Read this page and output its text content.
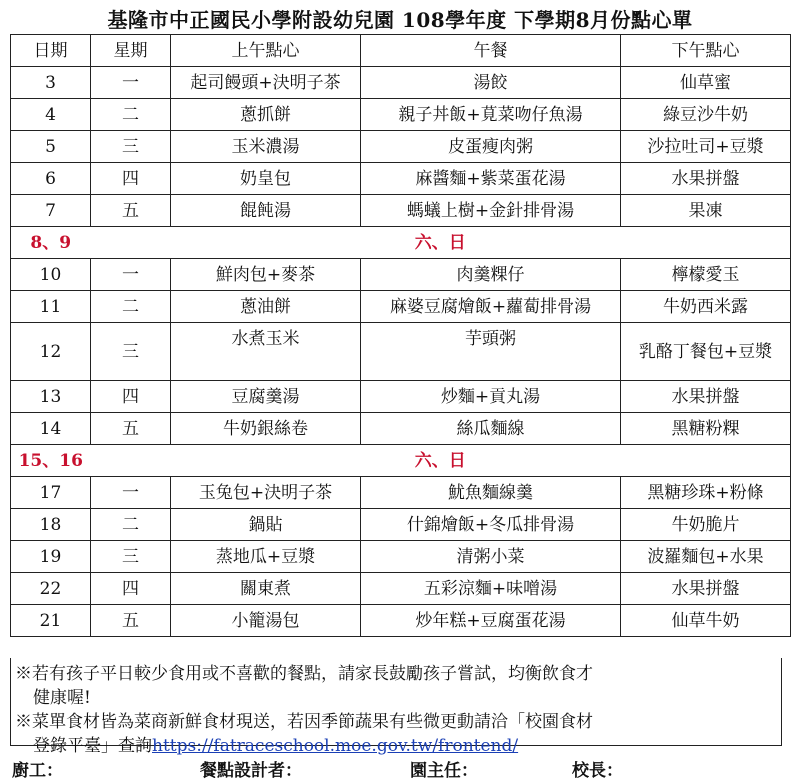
基隆市中正國民小學附設幼兒園 108學年度 下學期8月份點心單
日期	星期	上午點心	午餐	下午點心
3	一	起司饅頭+決明子茶	湯餃	仙草蜜
4	二	蔥抓餅	親子丼飯+莧菜吻仔魚湯	綠豆沙牛奶
5	三	玉米濃湯	皮蛋瘦肉粥	沙拉吐司+豆漿
6	四	奶皇包	麻醬麵+紫菜蛋花湯	水果拼盤
7	五	餛飩湯	螞蟻上樹+金針排骨湯	果凍
8、9	六、日			
10	一	鮮肉包+麥茶	肉羹粿仔	檸檬愛玉
11	二	蔥油餅	麻婆豆腐燴飯+蘿蔔排骨湯	牛奶西米露
12	三	水煮玉米	芋頭粥	乳酪丁餐包+豆漿
13	四	豆腐羹湯	炒麵+貢丸湯	水果拼盤
14	五	牛奶銀絲卷	絲瓜麵線	黑糖粉粿
15、16	六、日			
17	一	玉兔包+決明子茶	魷魚麵線羹	黑糖珍珠+粉條
18	二	鍋貼	什錦燴飯+冬瓜排骨湯	牛奶脆片
19	三	蒸地瓜+豆漿	清粥小菜	波羅麵包+水果
22	四	關東煮	五彩涼麵+味噌湯	水果拼盤
21	五	小籠湯包	炒年糕+豆腐蛋花湯	仙草牛奶

※若有孩子平日較少食用或不喜歡的餐點，請家長鼓勵孩子嘗試，均衡飲食才

健康喔!

※菜單食材皆為菜商新鮮食材現送，若因季節蔬果有些微更動請洽「校園食材

登錄平臺」查詢https://fatraceschool.moe.gov.tw/frontend/

廚工：	餐點設計者：	園主任：	校長：
